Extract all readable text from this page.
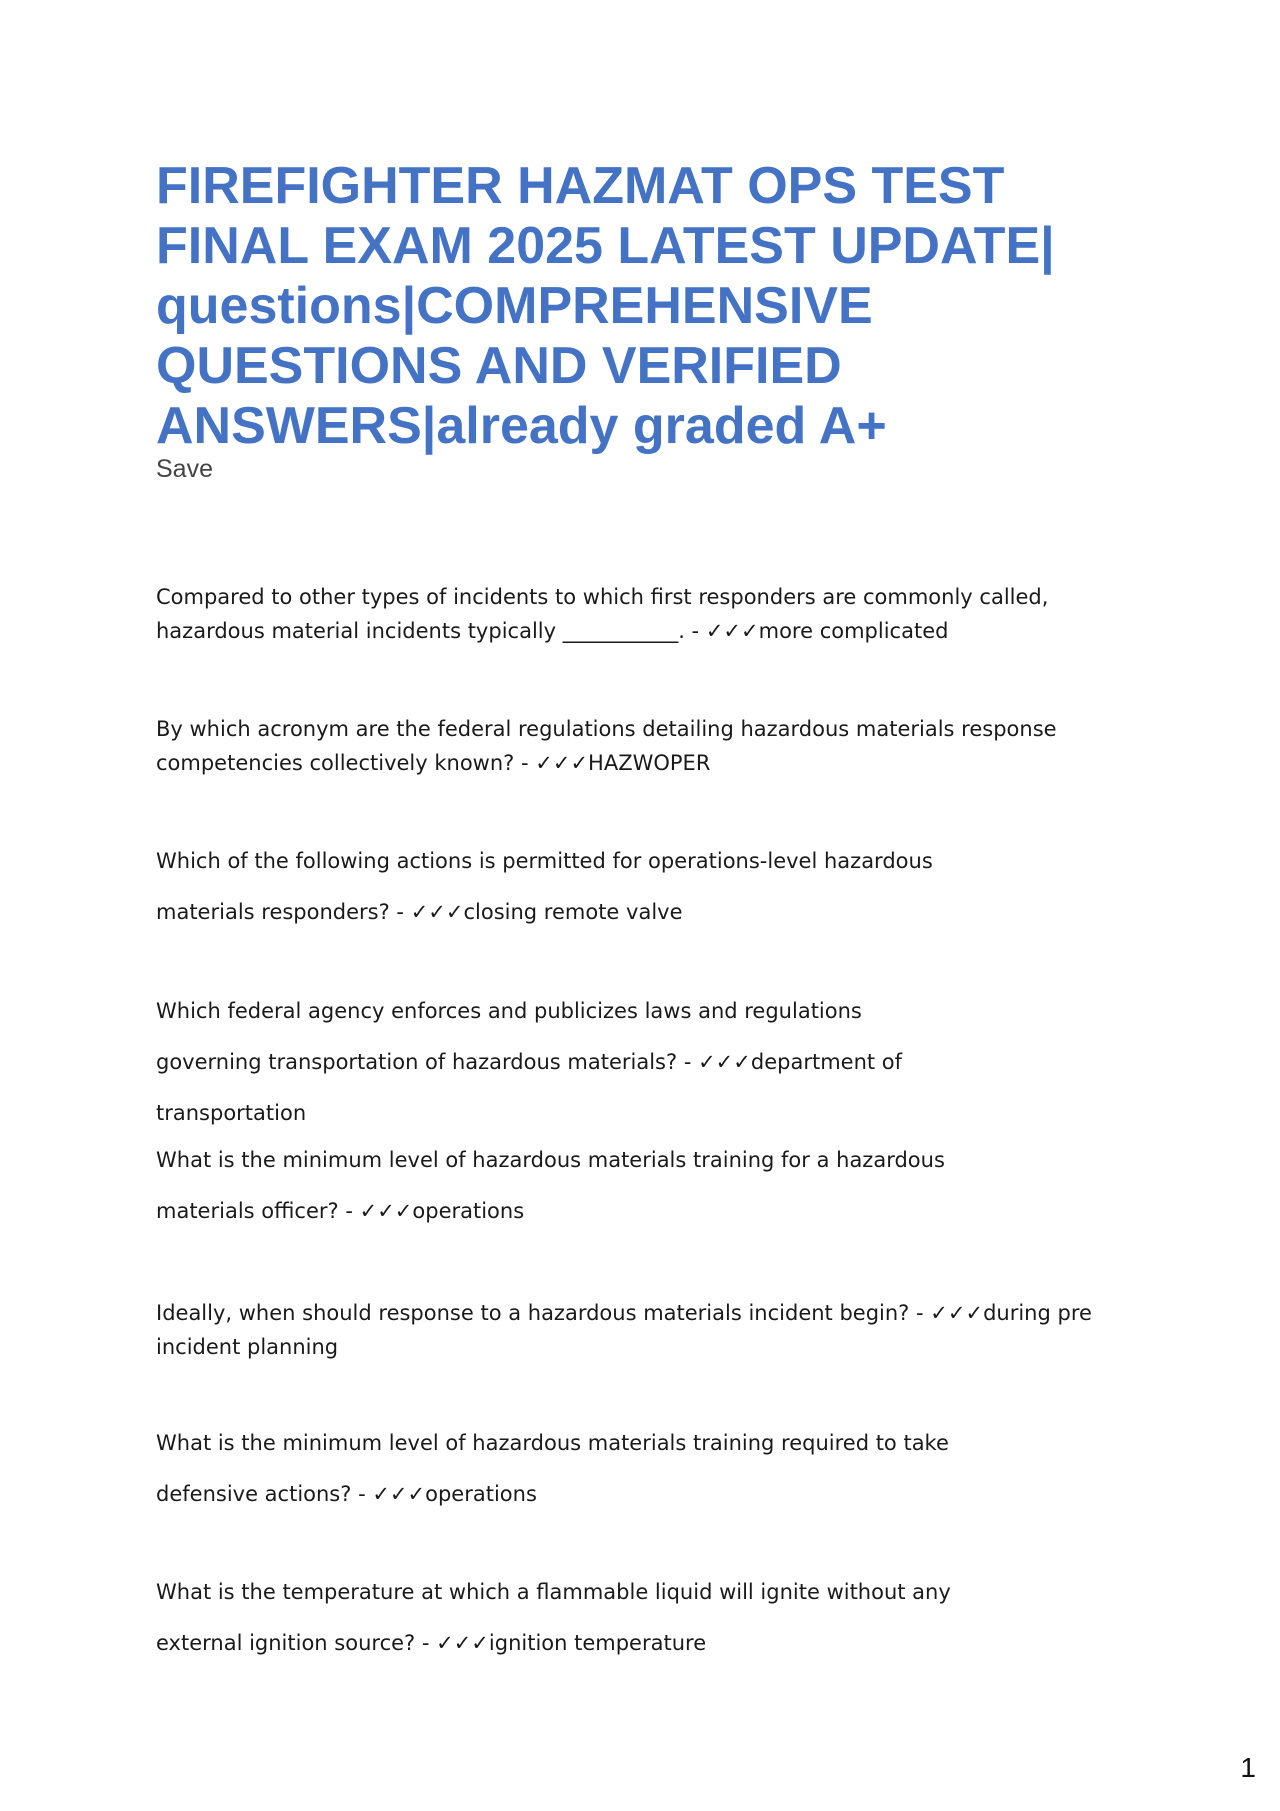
FIREFIGHTER HAZMAT OPS TEST FINAL EXAM 2025 LATEST UPDATE| questions|COMPREHENSIVE QUESTIONS AND VERIFIED ANSWERS|already graded A+
Save

Compared to other types of incidents to which first responders are commonly called, hazardous material incidents typically ___________. - ✓✓✓more complicated

By which acronym are the federal regulations detailing hazardous materials response competencies collectively known? - ✓✓✓HAZWOPER

Which of the following actions is permitted for operations-level hazardous materials responders? - ✓✓✓closing remote valve

Which federal agency enforces and publicizes laws and regulations governing transportation of hazardous materials? - ✓✓✓department of transportation

What is the minimum level of hazardous materials training for a hazardous materials officer? - ✓✓✓operations

Ideally, when should response to a hazardous materials incident begin? - ✓✓✓during pre incident planning

What is the minimum level of hazardous materials training required to take defensive actions? - ✓✓✓operations

What is the temperature at which a flammable liquid will ignite without any external ignition source? - ✓✓✓ignition temperature

1
